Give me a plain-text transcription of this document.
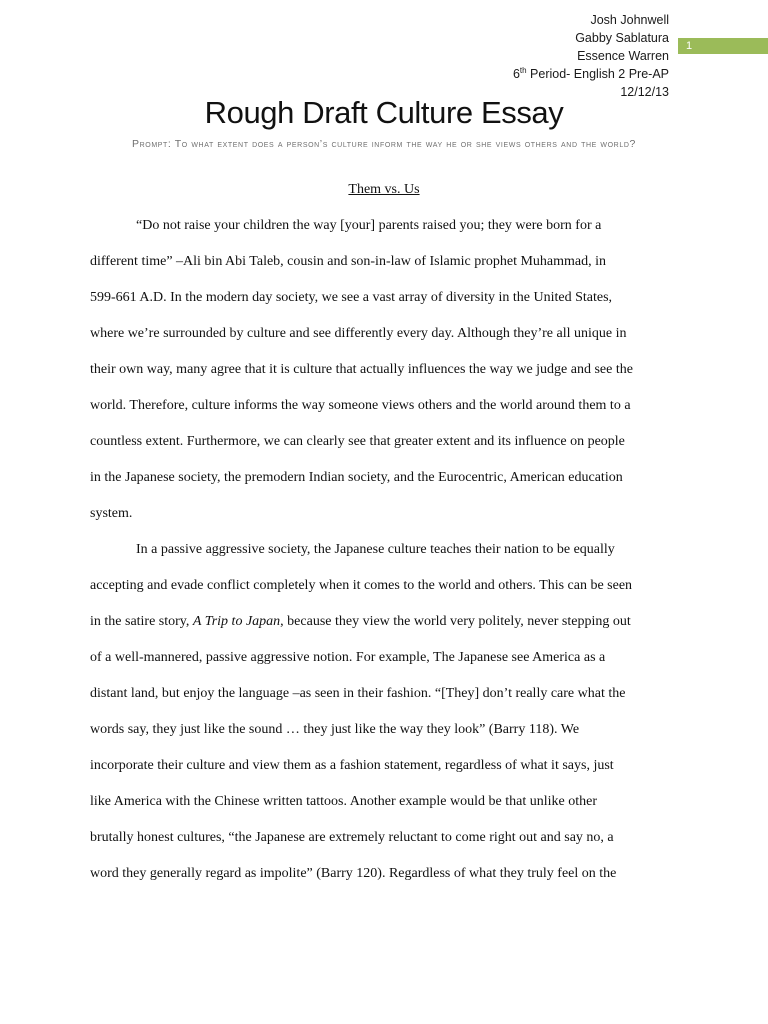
Josh Johnwell
Gabby Sablatura
Essence Warren
6th Period- English 2 Pre-AP
12/12/13
1
Rough Draft Culture Essay
Prompt: To what extent does a person’s culture inform the way he or she views others and the world?
Them vs. Us
“Do not raise your children the way [your] parents raised you; they were born for a
different time” –Ali bin Abi Taleb, cousin and son-in-law of Islamic prophet Muhammad, in
599-661 A.D. In the modern day society, we see a vast array of diversity in the United States,
where we’re surrounded by culture and see differently every day. Although they’re all unique in
their own way, many agree that it is culture that actually influences the way we judge and see the
world. Therefore, culture informs the way someone views others and the world around them to a
countless extent. Furthermore, we can clearly see that greater extent and its influence on people
in the Japanese society, the premodern Indian society, and the Eurocentric, American education
system.
In a passive aggressive society, the Japanese culture teaches their nation to be equally
accepting and evade conflict completely when it comes to the world and others. This can be seen
in the satire story, A Trip to Japan, because they view the world very politely, never stepping out
of a well-mannered, passive aggressive notion. For example, The Japanese see America as a
distant land, but enjoy the language –as seen in their fashion. “[They] don’t really care what the
words say, they just like the sound … they just like the way they look” (Barry 118). We
incorporate their culture and view them as a fashion statement, regardless of what it says, just
like America with the Chinese written tattoos. Another example would be that unlike other
brutally honest cultures, “the Japanese are extremely reluctant to come right out and say no, a
word they generally regard as impolite” (Barry 120). Regardless of what they truly feel on the
